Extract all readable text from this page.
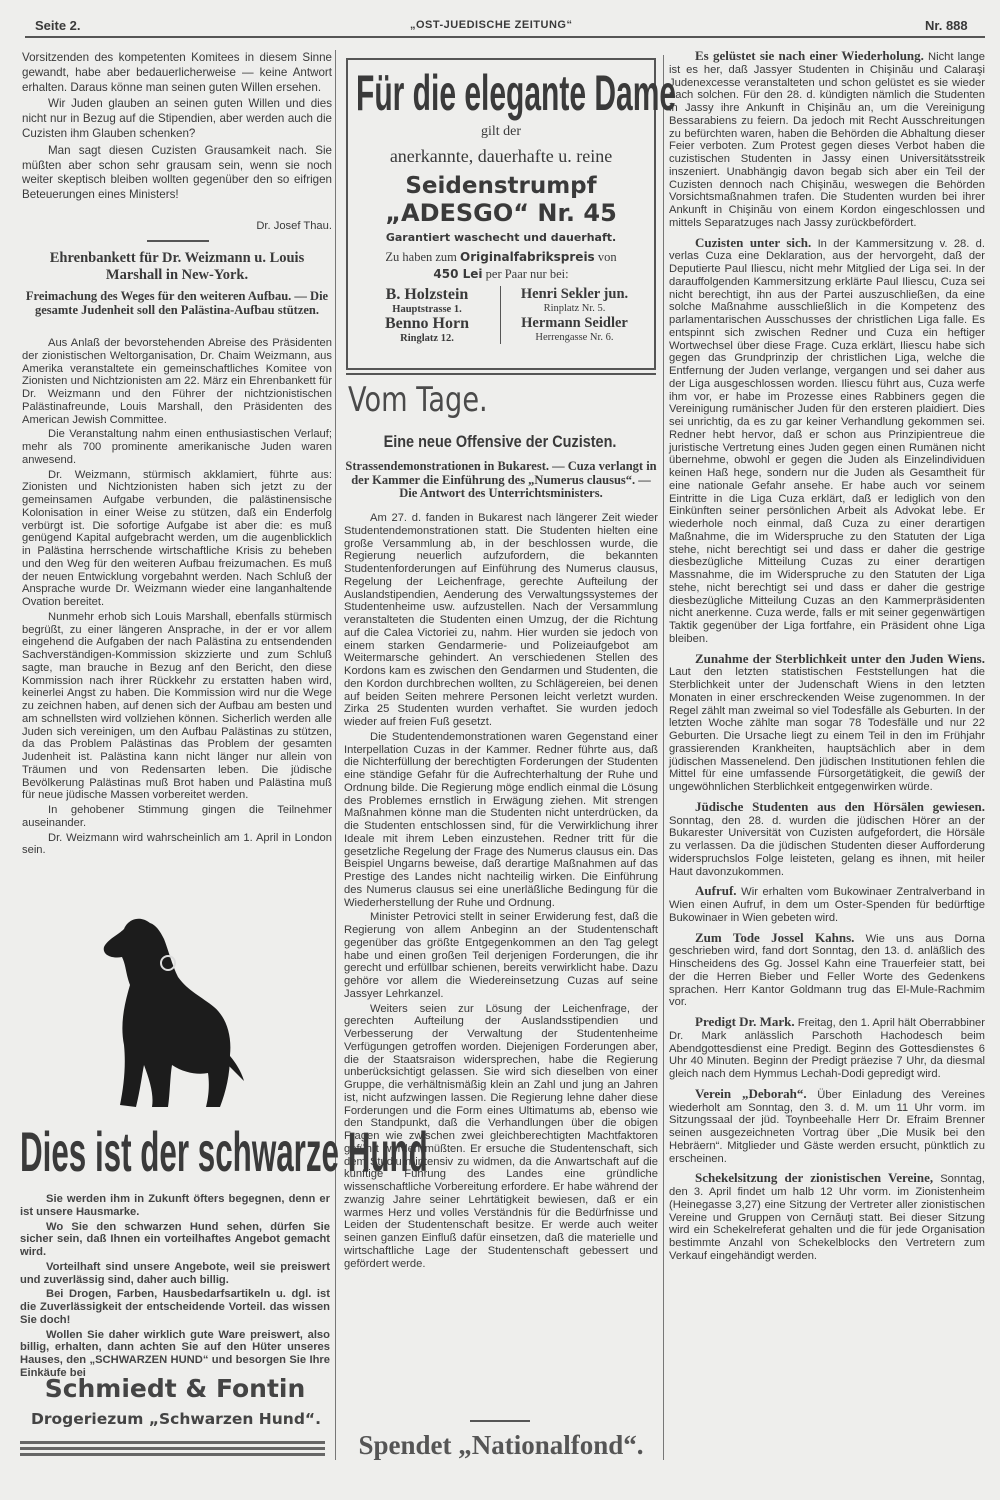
Seite 2.	„OST-JUEDISCHE ZEITUNG“	Nr. 888

Vorsitzenden des kompetenten Komitees in diesem Sinne gewandt, habe aber bedauerlicherweise — keine Antwort erhalten. Daraus könne man seinen guten Willen ersehen.

Wir Juden glauben an seinen guten Willen und dies nicht nur in Bezug auf die Stipendien, aber werden auch die Cuzisten ihm Glauben schenken?

Man sagt diesen Cuzisten Grausamkeit nach. Sie müßten aber schon sehr grausam sein, wenn sie noch weiter skeptisch bleiben wollten gegenüber den so eifrigen Beteuerungen eines Ministers!

Dr. Josef Thau.
Ehrenbankett für Dr. Weizmann u. Louis Marshall in New-York.
Freimachung des Weges für den weiteren Aufbau. — Die gesamte Judenheit soll den Palästina-Aufbau stützen.

Aus Anlaß der bevorstehenden Abreise des Präsidenten der zionistischen Weltorganisation, Dr. Chaim Weizmann, aus Amerika veranstaltete ein gemeinschaftliches Komitee von Zionisten und Nichtzionisten am 22. März ein Ehrenbankett für Dr. Weizmann und den Führer der nichtzionistischen Palästinafreunde, Louis Marshall, den Präsidenten des American Jewish Committee.

Die Veranstaltung nahm einen enthusiastischen Verlauf; mehr als 700 prominente amerikanische Juden waren anwesend.

Dr. Weizmann, stürmisch akklamiert, führte aus: Zionisten und Nichtzionisten haben sich jetzt zu der gemeinsamen Aufgabe verbunden, die palästinensische Kolonisation in einer Weise zu stützen, daß ein Enderfolg verbürgt ist. Die sofortige Aufgabe ist aber die: es muß genügend Kapital aufgebracht werden, um die augenblicklich in Palästina herrschende wirtschaftliche Krisis zu beheben und den Weg für den weiteren Aufbau freizumachen. Es muß der neuen Entwicklung vorgebahnt werden. Nach Schluß der Ansprache wurde Dr. Weizmann wieder eine langanhaltende Ovation bereitet.

Nunmehr erhob sich Louis Marshall, ebenfalls stürmisch begrüßt, zu einer längeren Ansprache, in der er vor allem eingehend die Aufgaben der nach Palästina zu entsendenden Sachverständigen-Kommission skizzierte und zum Schluß sagte, man brauche in Bezug anf den Bericht, den diese Kommission nach ihrer Rückkehr zu erstatten haben wird, keinerlei Angst zu haben. Die Kommission wird nur die Wege zu zeichnen haben, auf denen sich der Aufbau am besten und am schnellsten wird vollziehen können. Sicherlich werden alle Juden sich vereinigen, um den Aufbau Palästinas zu stützen, da das Problem Palästinas das Problem der gesamten Judenheit ist. Palästina kann nicht länger nur allein von Träumen und von Redensarten leben. Die jüdische Bevölkerung Palästinas muß Brot haben und Palästina muß für neue jüdische Massen vorbereitet werden.

In gehobener Stimmung gingen die Teilnehmer auseinander.

Dr. Weizmann wird wahrscheinlich am 1. April in London sein.

Dies ist der schwarze Hund

Sie werden ihm in Zukunft öfters begegnen, denn er ist unsere Hausmarke.

Wo Sie den schwarzen Hund sehen, dürfen Sie sicher sein, daß Ihnen ein vorteilhaftes Angebot gemacht wird.

Vorteilhaft sind unsere Angebote, weil sie preiswert und zuverlässig sind, daher auch billig.

Bei Drogen, Farben, Hausbedarfsartikeln u. dgl. ist die Zuverlässigkeit der entscheidende Vorteil. das wissen Sie doch!

Wollen Sie daher wirklich gute Ware preiswert, also billig, erhalten, dann achten Sie auf den Hüter unseres Hauses, den „SCHWARZEN HUND“ und besorgen Sie Ihre Einkäufe bei

Schmiedt & Fontin
Drogeriezum „Schwarzen Hund“.
Für die elegante Dame
gilt der
anerkannte, dauerhafte u. reine
Seidenstrumpf
„ADESGO“ Nr. 45
Garantiert waschecht und dauerhaft.
Zu haben zum Originalfabrikspreis von
450 Lei per Paar nur bei:
B. Holzstein
Hauptstrasse 1.
Henri Sekler jun.
Rinplatz Nr. 5.
Benno Horn
Ringlatz 12.
Hermann Seidler
Herrengasse Nr. 6.
Vom Tage.
Eine neue Offensive der Cuzisten.
Strassendemonstrationen in Bukarest. — Cuza verlangt in der Kammer die Einführung des „Numerus clausus“. — Die Antwort des Unterrichtsministers.

Am 27. d. fanden in Bukarest nach längerer Zeit wieder Studentendemonstrationen statt. Die Studenten hielten eine große Versammlung ab, in der beschlossen wurde, die Regierung neuerlich aufzufordern, die bekannten Studentenforderungen auf Einführung des Numerus clausus, Regelung der Leichenfrage, gerechte Aufteilung der Auslandstipendien, Aenderung des Verwaltungssystemes der Studentenheime usw. aufzustellen. Nach der Versammlung veranstalteten die Studenten einen Umzug, der die Richtung auf die Calea Victoriei zu, nahm. Hier wurden sie jedoch von einem starken Gendarmerie- und Polizeiaufgebot am Weitermarsche gehindert. An verschiedenen Stellen des Kordons kam es zwischen den Gendarmen und Studenten, die den Kordon durchbrechen wollten, zu Schlägereien, bei denen auf beiden Seiten mehrere Personen leicht verletzt wurden. Zirka 25 Studenten wurden verhaftet. Sie wurden jedoch wieder auf freien Fuß gesetzt.

Die Studentendemonstrationen waren Gegenstand einer Interpellation Cuzas in der Kammer. Redner führte aus, daß die Nichterfüllung der berechtigten Forderungen der Studenten eine ständige Gefahr für die Aufrechterhaltung der Ruhe und Ordnung bilde. Die Regierung möge endlich einmal die Lösung des Problemes ernstlich in Erwägung ziehen. Mit strengen Maßnahmen könne man die Studenten nicht unterdrücken, da die Studenten entschlossen sind, für die Verwirklichung ihrer Ideale mit ihrem Leben einzustehen. Redner tritt für die gesetzliche Regelung der Frage des Numerus clausus ein. Das Beispiel Ungarns beweise, daß derartige Maßnahmen auf das Prestige des Landes nicht nachteilig wirken. Die Einführung des Numerus clausus sei eine unerläßliche Bedingung für die Wiederherstellung der Ruhe und Ordnung.

Minister Petrovici stellt in seiner Erwiderung fest, daß die Regierung von allem Anbeginn an der Studentenschaft gegenüber das größte Entgegenkommen an den Tag gelegt habe und einen großen Teil derjenigen Forderungen, die ihr gerecht und erfüllbar schienen, bereits verwirklicht habe. Dazu gehöre vor allem die Wiedereinsetzung Cuzas auf seine Jassyer Lehrkanzel.

Weiters seien zur Lösung der Leichenfrage, der gerechten Aufteilung der Auslandsstipendien und Verbesserung der Verwaltung der Studentenheime Verfügungen getroffen worden. Diejenigen Forderungen aber, die der Staatsraison widersprechen, habe die Regierung unberücksichtigt gelassen. Sie wird sich dieselben von einer Gruppe, die verhältnismäßig klein an Zahl und jung an Jahren ist, nicht aufzwingen lassen. Die Regierung lehne daher diese Forderungen und die Form eines Ultimatums ab, ebenso wie den Standpunkt, daß die Verhandlungen über die obigen Fragen wie zwischen zwei gleichberechtigten Machtfaktoren geführt werden müßten. Er ersuche die Studentenschaft, sich dem Studium intensiv zu widmen, da die Anwartschaft auf die künftige Führung des Landes eine gründliche wissenschaftliche Vorbereitung erfordere. Er habe während der zwanzig Jahre seiner Lehrtätigkeit bewiesen, daß er ein warmes Herz und volles Verständnis für die Bedürfnisse und Leiden der Studentenschaft besitze. Er werde auch weiter seinen ganzen Einfluß dafür einsetzen, daß die materielle und wirtschaftliche Lage der Studentenschaft gebessert und gefördert werde.

Spendet „Nationalfond“.

Es gelüstet sie nach einer Wiederholung. Nicht lange ist es her, daß Jassyer Studenten in Chişinău und Calaraşi Judenexcesse veranstalteten und schon gelüstet es sie wieder nach solchen. Für den 28. d. kündigten nämlich die Studenten in Jassy ihre Ankunft in Chişinău an, um die Vereinigung Bessarabiens zu feiern. Da jedoch mit Recht Ausschreitungen zu befürchten waren, haben die Behörden die Abhaltung dieser Feier verboten. Zum Protest gegen dieses Verbot haben die cuzistischen Studenten in Jassy einen Universitätsstreik inszeniert. Unabhängig davon begab sich aber ein Teil der Cuzisten dennoch nach Chişinău, weswegen die Behörden Vorsichtsmaßnahmen trafen. Die Studenten wurden bei ihrer Ankunft in Chişinău von einem Kordon eingeschlossen und mittels Separatzuges nach Jassy zurückbefördert.

Cuzisten unter sich. In der Kammersitzung v. 28. d. verlas Cuza eine Deklaration, aus der hervorgeht, daß der Deputierte Paul Iliescu, nicht mehr Mitglied der Liga sei. In der darauffolgenden Kammersitzung erklärte Paul Iliescu, Cuza sei nicht berechtigt, ihn aus der Partei auszuschließen, da eine solche Maßnahme ausschließlich in die Kompetenz des parlamentarischen Ausschusses der christlichen Liga falle. Es entspinnt sich zwischen Redner und Cuza ein heftiger Wortwechsel über diese Frage. Cuza erklärt, Iliescu habe sich gegen das Grundprinzip der christlichen Liga, welche die Entfernung der Juden verlange, vergangen und sei daher aus der Liga ausgeschlossen worden. Iliescu führt aus, Cuza werfe ihm vor, er habe im Prozesse eines Rabbiners gegen die Vereinigung rumänischer Juden für den ersteren plaidiert. Dies sei unrichtig, da es zu gar keiner Verhandlung gekommen sei. Redner hebt hervor, daß er schon aus Prinzipientreue die juristische Vertretung eines Juden gegen einen Rumänen nicht übernehme, obwohl er gegen die Juden als Einzelindividuen keinen Haß hege, sondern nur die Juden als Gesamtheit für eine nationale Gefahr ansehe. Er habe auch vor seinem Eintritte in die Liga Cuza erklärt, daß er lediglich von den Einkünften seiner persönlichen Arbeit als Advokat lebe. Er wiederhole noch einmal, daß Cuza zu einer derartigen Maßnahme, die im Widerspruche zu den Statuten der Liga stehe, nicht berechtigt sei und dass er daher die gestrige diesbezügliche Mitteilung Cuzas zu einer derartigen Massnahme, die im Widerspruche zu den Statuten der Liga stehe, nicht berechtigt sei und dass er daher die gestrige diesbezügliche Mitteilung Cuzas an den Kammerpräsidenten nicht anerkenne. Cuza werde, falls er mit seiner gegenwärtigen Taktik gegenüber der Liga fortfahre, ein Präsident ohne Liga bleiben.

Zunahme der Sterblichkeit unter den Juden Wiens. Laut den letzten statistischen Feststellungen hat die Sterblichkeit unter der Judenschaft Wiens in den letzten Monaten in einer erschreckenden Weise zugenommen. In der Regel zählt man zweimal so viel Todesfälle als Geburten. In der letzten Woche zählte man sogar 78 Todesfälle und nur 22 Geburten. Die Ursache liegt zu einem Teil in den im Frühjahr grassierenden Krankheiten, hauptsächlich aber in dem jüdischen Massenelend. Den jüdischen Institutionen fehlen die Mittel für eine umfassende Fürsorgetätigkeit, die gewiß der ungewöhnlichen Sterblichkeit entgegenwirken würde.

Jüdische Studenten aus den Hörsälen gewiesen. Sonntag, den 28. d. wurden die jüdischen Hörer an der Bukarester Universität von Cuzisten aufgefordert, die Hörsäle zu verlassen. Da die jüdischen Studenten dieser Aufforderung widerspruchslos Folge leisteten, gelang es ihnen, mit heiler Haut davonzukommen.

Aufruf. Wir erhalten vom Bukowinaer Zentralverband in Wien einen Aufruf, in dem um Oster-Spenden für bedürftige Bukowinaer in Wien gebeten wird.

Zum Tode Jossel Kahns. Wie uns aus Dorna geschrieben wird, fand dort Sonntag, den 13. d. anläßlich des Hinscheidens des Gg. Jossel Kahn eine Trauerfeier statt, bei der die Herren Bieber und Feller Worte des Gedenkens sprachen. Herr Kantor Goldmann trug das El-Mule-Rachmim vor.

Predigt Dr. Mark. Freitag, den 1. April hält Oberrabbiner Dr. Mark anlässlich Parschoth Hachodesch beim Abendgottesdienst eine Predigt. Beginn des Gottesdienstes 6 Uhr 40 Minuten. Beginn der Predigt präezise 7 Uhr, da diesmal gleich nach dem Hymmus Lechah-Dodi gepredigt wird.

Verein „Deborah“. Über Einladung des Vereines wiederholt am Sonntag, den 3. d. M. um 11 Uhr vorm. im Sitzungssaal der jüd. Toynbeehalle Herr Dr. Efraim Brenner seinen ausgezeichneten Vortrag über „Die Musik bei den Hebräern“. Mitglieder und Gäste werden ersucht, pünktlich zu erscheinen.

Schekelsitzung der zionistischen Vereine, Sonntag, den 3. April findet um halb 12 Uhr vorm. im Zionistenheim (Heinegasse 3,27) eine Sitzung der Vertreter aller zionistischen Vereine und Gruppen von Cernăuţi statt. Bei dieser Sitzung wird ein Schekelreferat gehalten und die für jede Organisation bestimmte Anzahl von Schekelblocks den Vertretern zum Verkauf eingehändigt werden.
